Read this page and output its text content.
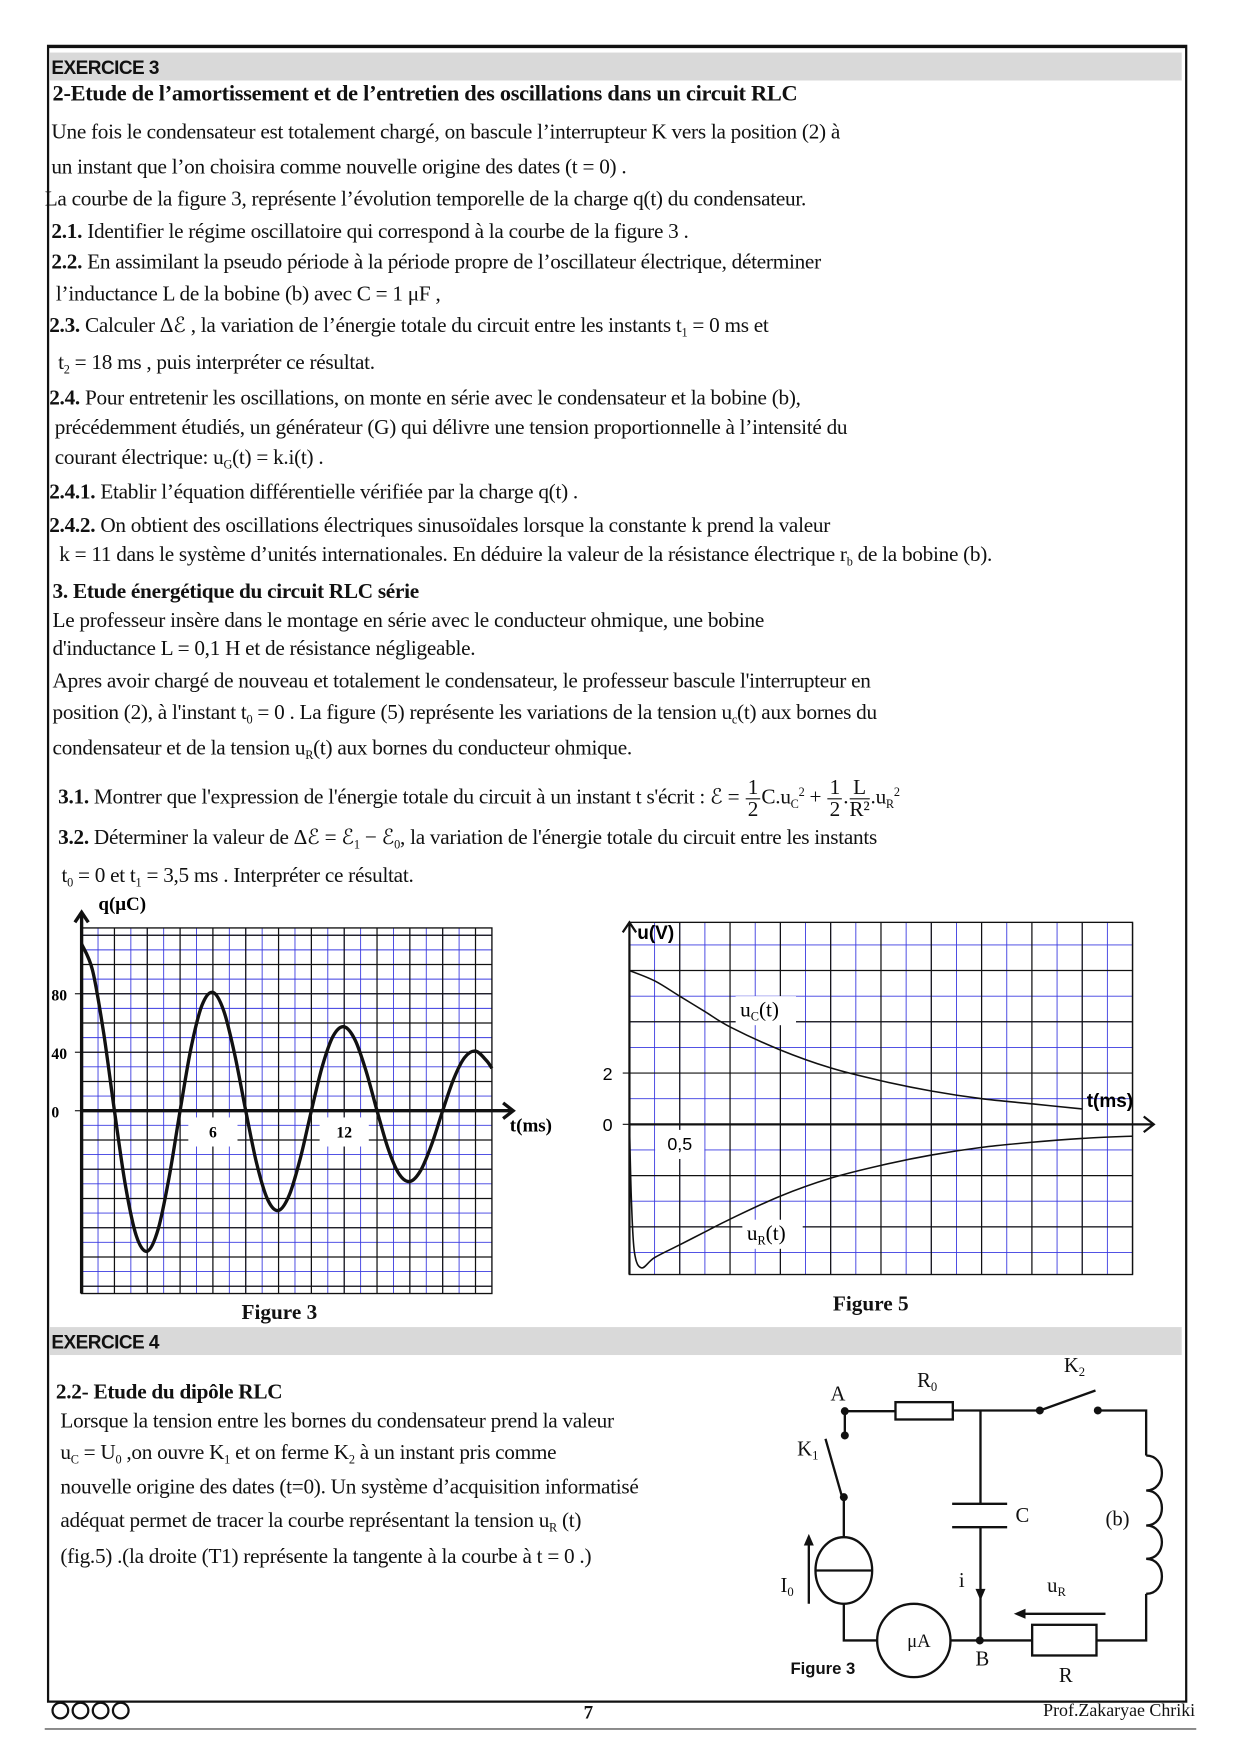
EXERCICE 3
2-Etude de l’amortissement et de l’entretien des oscillations dans un circuit RLC
Une fois le condensateur est totalement chargé, on bascule l’interrupteur K vers la position (2) à
un instant que l’on choisira comme nouvelle origine des dates (t = 0) .
La courbe de la figure 3, représente l’évolution temporelle de la charge q(t) du condensateur.
2.1. Identifier le régime oscillatoire qui correspond à la courbe de la figure 3 .
2.2. En assimilant la pseudo période à la période propre de l’oscillateur électrique, déterminer
l’inductance L de la bobine (b) avec C = 1 μF ,
2.3. Calculer Δℰ , la variation de l’énergie totale du circuit entre les instants $t_1 = 0$ ms et
$t_2 = 18$ ms , puis interpréter ce résultat.
2.4. Pour entretenir les oscillations, on monte en série avec le condensateur et la bobine (b),
précédemment étudiés, un générateur (G) qui délivre une tension proportionnelle à l’intensité du
courant électrique: $u_G(t) = k.i(t)$ .
2.4.1. Etablir l’équation différentielle vérifiée par la charge q(t) .
2.4.2. On obtient des oscillations électriques sinusoïdales lorsque la constante k prend la valeur
k = 11 dans le système d’unités internationales. En déduire la valeur de la résistance électrique $r_b$ de la bobine (b).
3. Etude énergétique du circuit RLC série
Le professeur insère dans le montage en série avec le conducteur ohmique, une bobine
d'inductance L = 0,1 H et de résistance négligeable.
Apres avoir chargé de nouveau et totalement le condensateur, le professeur bascule l'interrupteur en
position (2), à l'instant $t_0 = 0$ . La figure (5) représente les variations de la tension $u_c(t)$ aux bornes du
condensateur et de la tension $u_R(t)$ aux bornes du conducteur ohmique.
3.1. Montrer que l'expression de l'énergie totale du circuit à un instant t s'écrit : ℰ = $\frac{1}{2} C.u_C^2 + \frac{1}{2}$ . $\frac{L}{\text{R²}} .u_R^2$
3.2. Déterminer la valeur de Δℰ = ℰ$_1$ − ℰ$_0$, la variation de l'énergie totale du circuit entre les instants
$t_0 = 0$ et $t_1 = 3,5$ ms . Interpréter ce résultat.
80
40
0
6	12	t(ms)
q(μC)
$u_C(t)$
$u_R(t)$
2
0
0,5
t(ms)
u(V)
Figure 3	Figure 5
EXERCICE 4
2.2- Etude du dipôle RLC
Lorsque la tension entre les bornes du condensateur prend la valeur
$u_C = U_0$ ,on ouvre $K_1$ et on ferme $K_2$ à un instant pris comme
nouvelle origine des dates (t=0). Un système d’acquisition informatisé
adéquat permet de tracer la courbe représentant la tension $u_R$ (t)
(fig.5) .(la droite (T1) représente la tangente à la courbe à t = 0 .)
A
R0
K2
K1
C (b)
i
I0
μA
uR
B
R
Figure 3
7	Prof.Zakaryae Chriki
